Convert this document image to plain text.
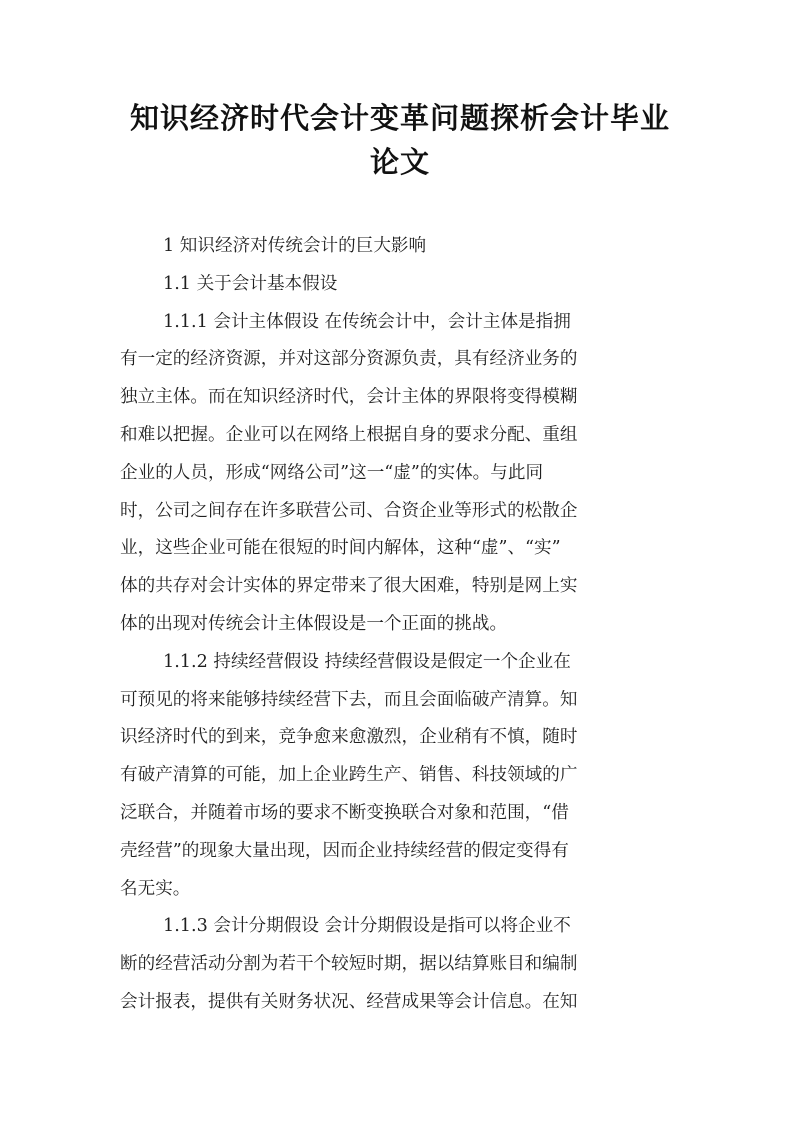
知识经济时代会计变革问题探析会计毕业
论文
1 知识经济对传统会计的巨大影响
1.1 关于会计基本假设
1.1.1 会计主体假设 在传统会计中，会计主体是指拥
有一定的经济资源，并对这部分资源负责，具有经济业务的
独立主体。而在知识经济时代，会计主体的界限将变得模糊
和难以把握。企业可以在网络上根据自身的要求分配、重组
企业的人员，形成“网络公司”这一“虚”的实体。与此同
时，公司之间存在许多联营公司、合资企业等形式的松散企
业，这些企业可能在很短的时间内解体，这种“虚”、“实”
体的共存对会计实体的界定带来了很大困难，特别是网上实
体的出现对传统会计主体假设是一个正面的挑战。
1.1.2 持续经营假设 持续经营假设是假定一个企业在
可预见的将来能够持续经营下去，而且会面临破产清算。知
识经济时代的到来，竞争愈来愈激烈，企业稍有不慎，随时
有破产清算的可能，加上企业跨生产、销售、科技领域的广
泛联合，并随着市场的要求不断变换联合对象和范围，“借
壳经营”的现象大量出现，因而企业持续经营的假定变得有
名无实。
1.1.3 会计分期假设 会计分期假设是指可以将企业不
断的经营活动分割为若干个较短时期，据以结算账目和编制
会计报表，提供有关财务状况、经营成果等会计信息。在知
